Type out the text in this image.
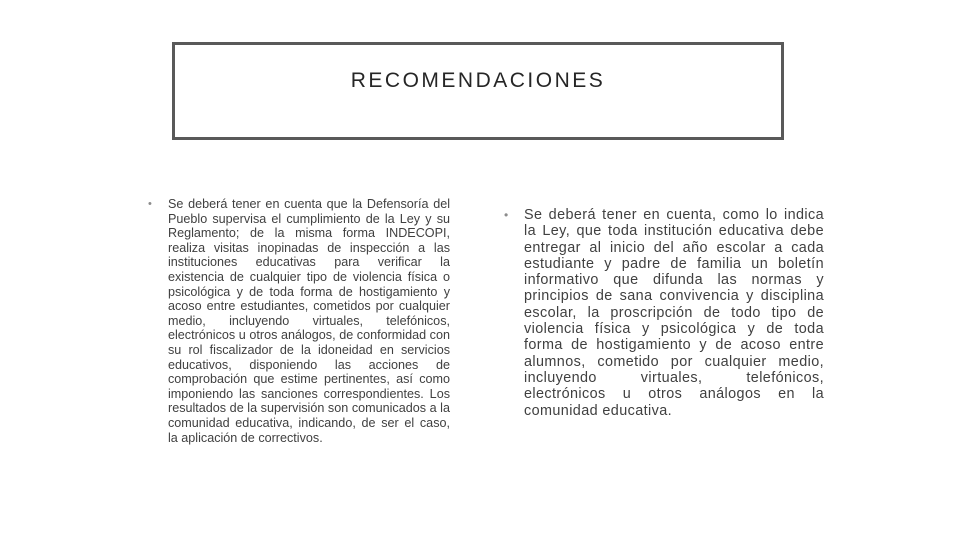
RECOMENDACIONES
• Se deberá tener en cuenta que la Defensoría del Pueblo supervisa el cumplimiento de la Ley y su Reglamento; de la misma forma INDECOPI, realiza visitas inopinadas de inspección a las instituciones educativas para verificar la existencia de cualquier tipo de violencia física o psicológica y de toda forma de hostigamiento y acoso entre estudiantes, cometidos por cualquier medio, incluyendo virtuales, telefónicos, electrónicos u otros análogos, de conformidad con su rol fiscalizador de la idoneidad en servicios educativos, disponiendo las acciones de comprobación que estime pertinentes, así como imponiendo las sanciones correspondientes. Los resultados de la supervisión son comunicados a la comunidad educativa, indicando, de ser el caso, la aplicación de correctivos.
• Se deberá tener en cuenta, como lo indica la Ley, que toda institución educativa debe entregar al inicio del año escolar a cada estudiante y padre de familia un boletín informativo que difunda las normas y principios de sana convivencia y disciplina escolar, la proscripción de todo tipo de violencia física y psicológica y de toda forma de hostigamiento y de acoso entre alumnos, cometido por cualquier medio, incluyendo virtuales, telefónicos, electrónicos u otros análogos en la comunidad educativa.
